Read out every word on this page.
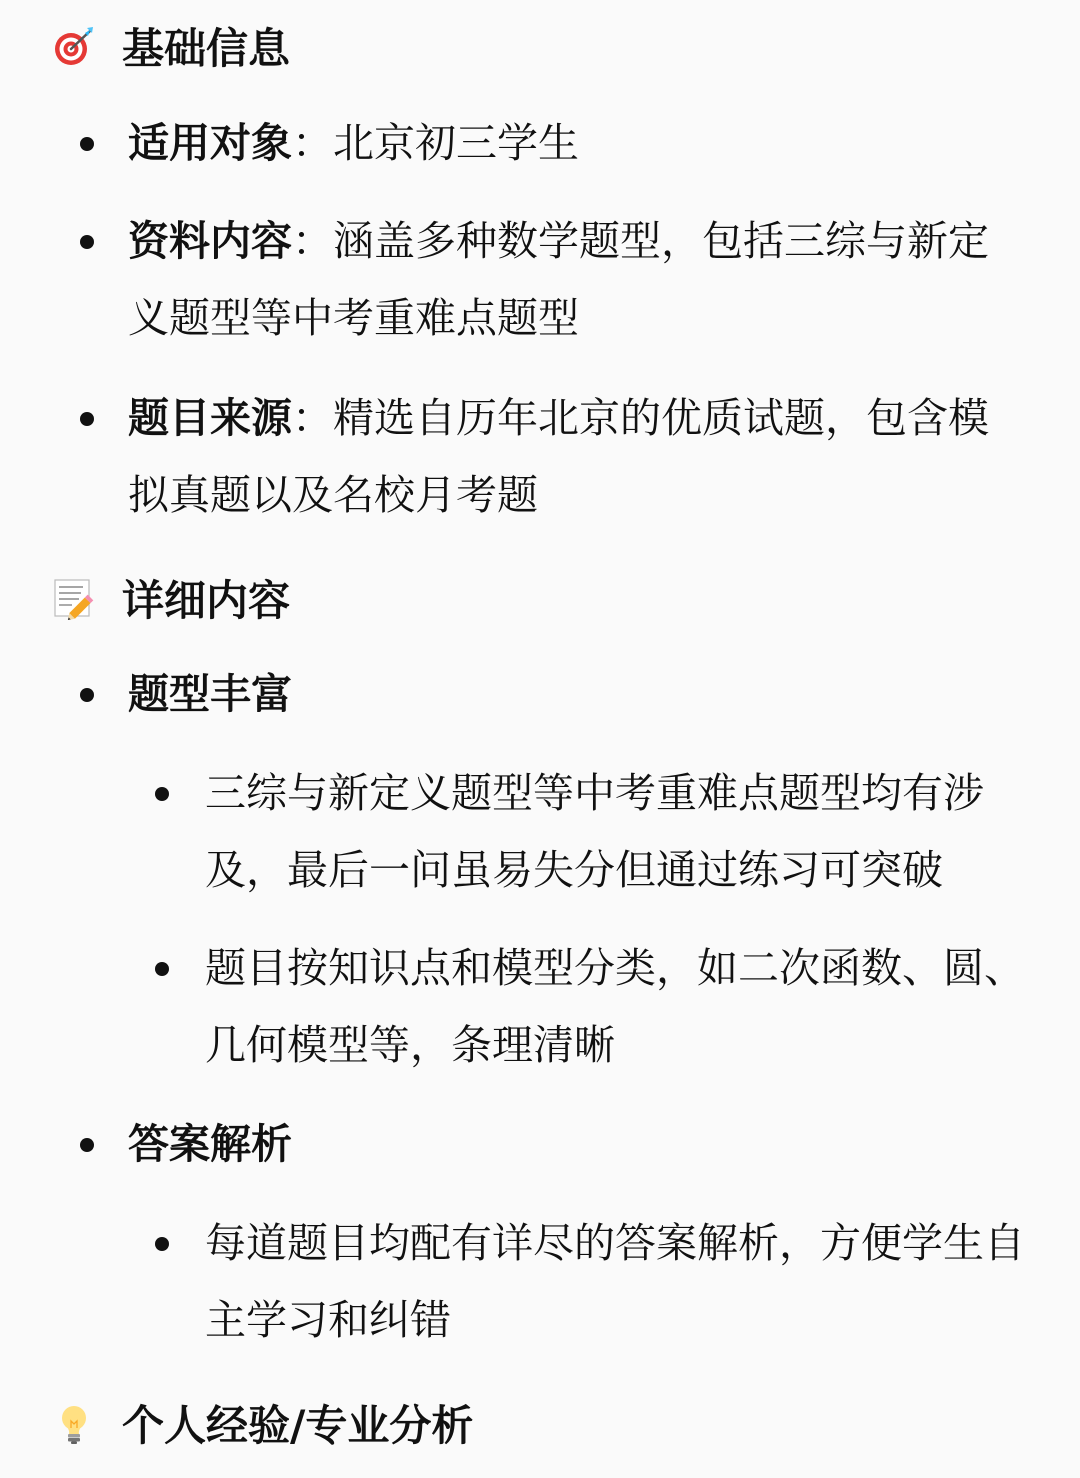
基础信息
适用对象：北京初三学生
资料内容：涵盖多种数学题型，包括三综与新定义题型等中考重难点题型
题目来源：精选自历年北京的优质试题，包含模拟真题以及名校月考题
详细内容
题型丰富
三综与新定义题型等中考重难点题型均有涉及，最后一问虽易失分但通过练习可突破
题目按知识点和模型分类，如二次函数、圆、几何模型等，条理清晰
答案解析
每道题目均配有详尽的答案解析，方便学生自主学习和纠错
个人经验/专业分析
